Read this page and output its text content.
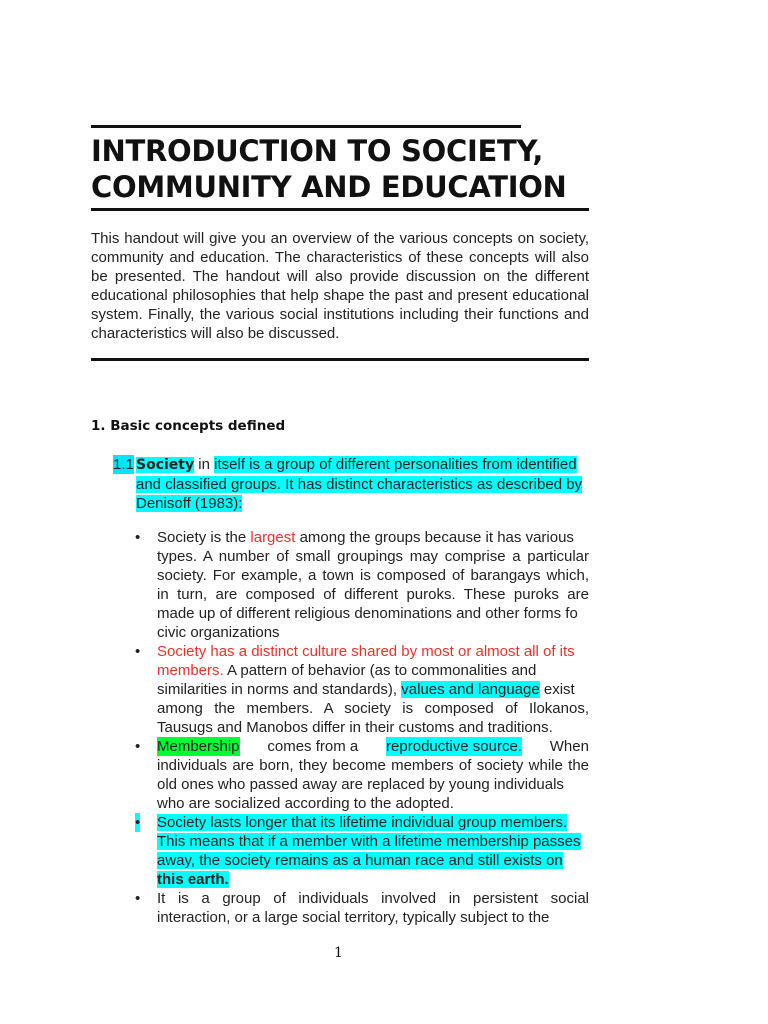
INTRODUCTION TO SOCIETY,
COMMUNITY AND EDUCATION
This handout will give you an overview of the various concepts on society,
community and education. The characteristics of these concepts will also
be presented. The handout will also provide discussion on the different
educational philosophies that help shape the past and present educational
system. Finally, the various social institutions including their functions and
characteristics will also be discussed.
1. Basic concepts defined
1.1 Society in itself is a group of different personalities from identified
and classified groups. It has distinct characteristics as described by
Denisoff (1983):
• Society is the largest among the groups because it has various
types. A number of small groupings may comprise a particular
society. For example, a town is composed of barangays which,
in turn, are composed of different puroks. These puroks are
made up of different religious denominations and other forms fo
civic organizations
• Society has a distinct culture shared by most or almost all of its
members. A pattern of behavior (as to commonalities and
similarities in norms and standards), values and language exist
among the members. A society is composed of Ilokanos,
Tausugs and Manobos differ in their customs and traditions.
• Membership comes from a reproductive source. When
individuals are born, they become members of society while the
old ones who passed away are replaced by young individuals
who are socialized according to the adopted.
• Society lasts longer that its lifetime individual group members.
This means that if a member with a lifetime membership passes
away, the society remains as a human race and still exists on
this earth.
• It is a group of individuals involved in persistent social
interaction, or a large social territory, typically subject to the
1
